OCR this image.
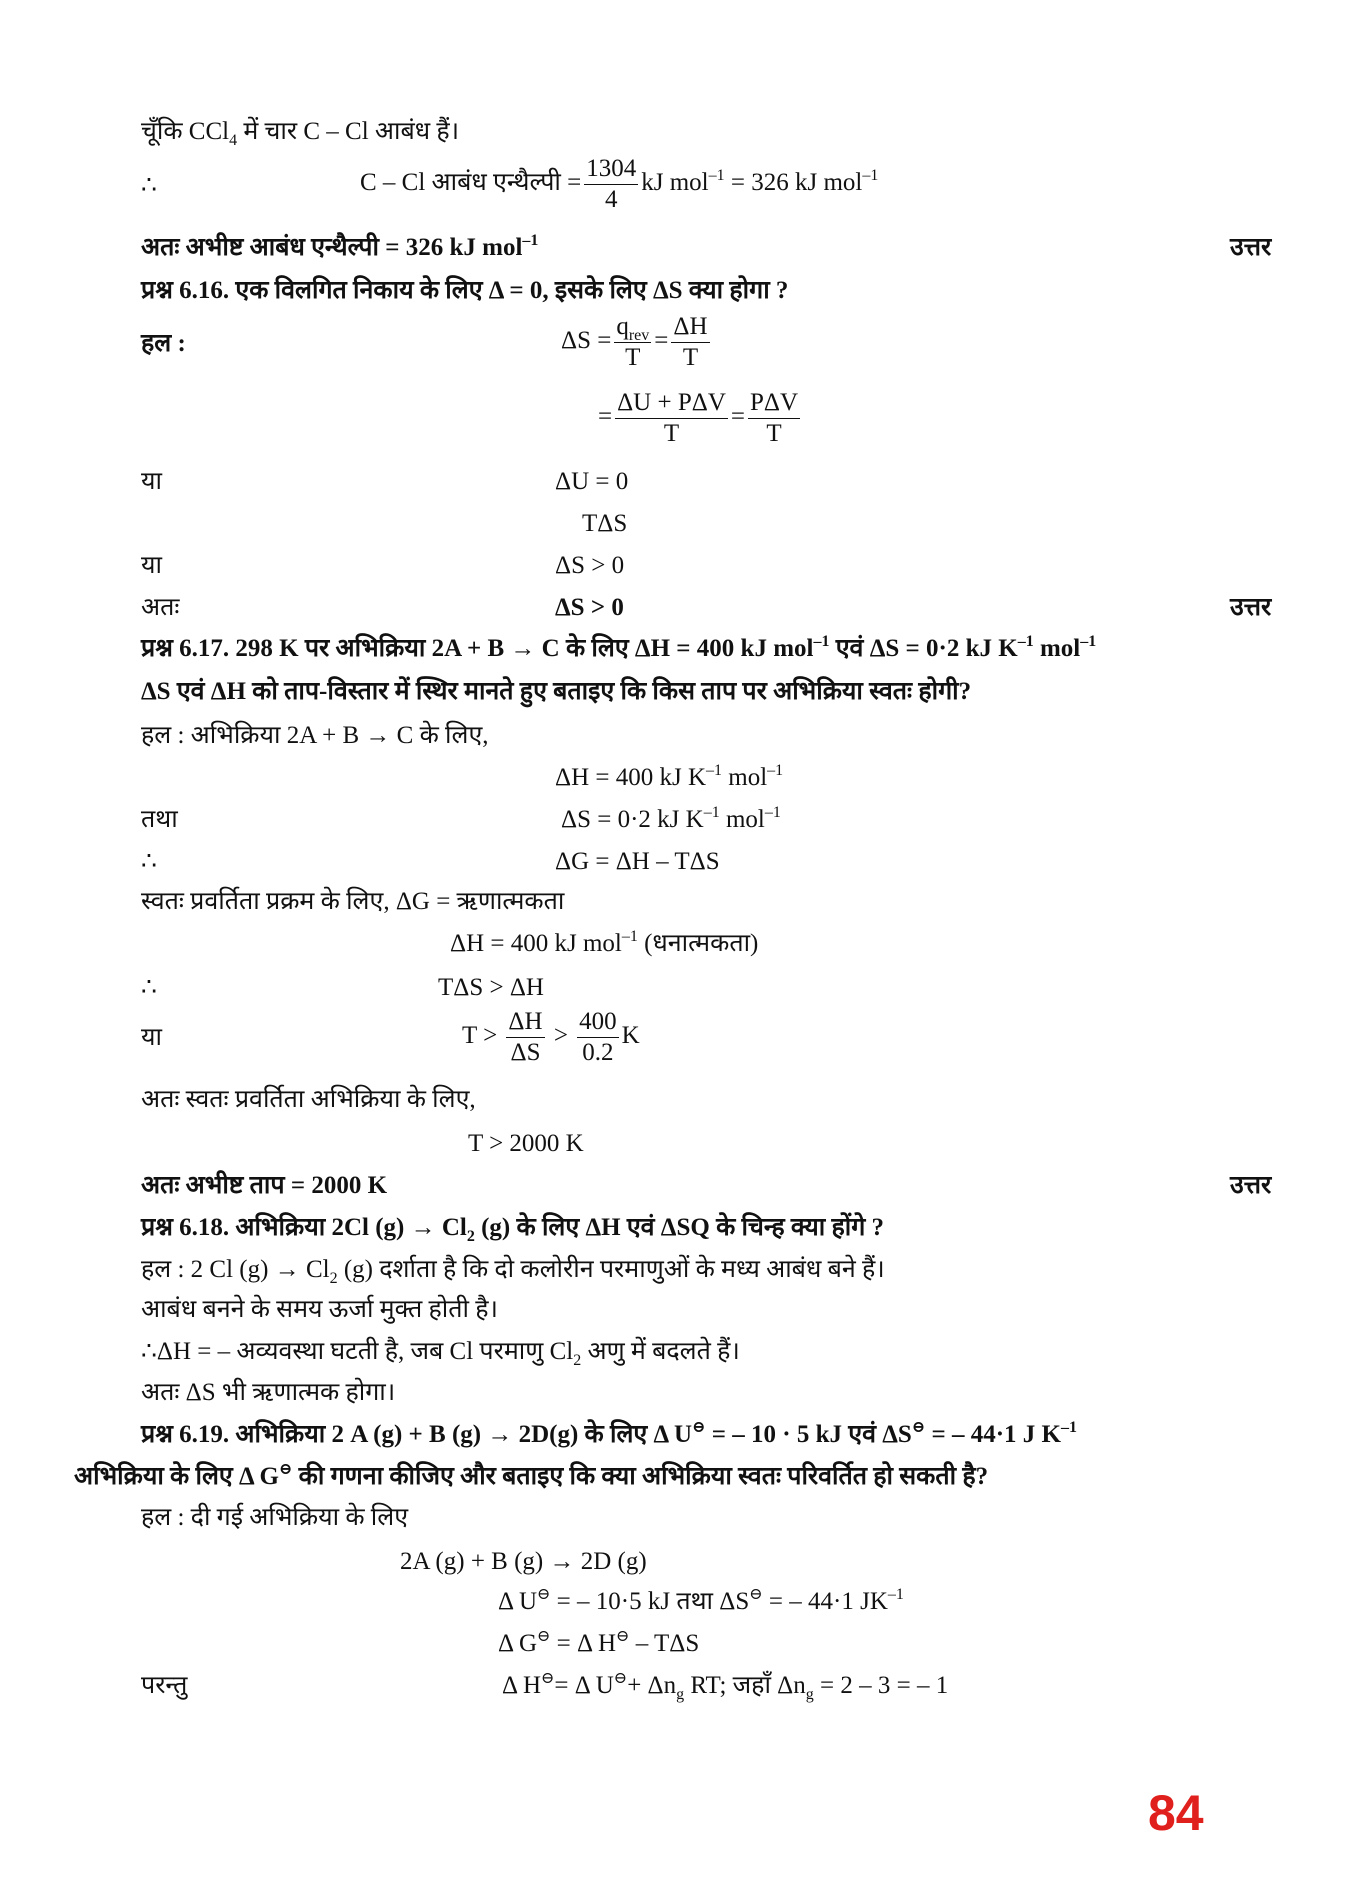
चूँकि CCl$_4$ में चार C – Cl आबंध हैं।
∴	C – Cl आबंध एन्थैल्पी = $\frac{1304}{4}$ kJ mol$^{-1}$ = 326 kJ mol$^{-1}$
अतः अभीष्ट आबंध एन्थैल्पी = 326 kJ mol$^{-1}$	उत्तर
प्रश्न 6.16. एक विलगित निकाय के लिए Δ = 0, इसके लिए ΔS क्या होगा ?
हल :	$\Delta S = \frac{q_{rev}}{T} = \frac{\Delta H}{T}$
= $\frac{\text{ΔU + PΔV}}{T} = \frac{\text{PΔV}}{T}$
या	ΔU = 0
TΔS
या	ΔS > 0
अतः	ΔS > 0	उत्तर
प्रश्न 6.17. 298 K पर अभिक्रिया 2A + B → C के लिए ΔH = 400 kJ mol$^{-1}$ एवं ΔS = 0·2 kJ $K^{-1}$ mol$^{-1}$
ΔS एवं ΔH को ताप-विस्तार में स्थिर मानते हुए बताइए कि किस ताप पर अभिक्रिया स्वतः होगी?
हल : अभिक्रिया 2A + B → C के लिए,
ΔH = 400 kJ $K^{-1}$ mol$^{-1}$
तथा	ΔS = 0·2 kJ $K^{-1}$ mol$^{-1}$
∴	ΔG = ΔH – TΔS
स्वतः प्रवर्तिता प्रक्रम के लिए, ΔG = ऋणात्मकता
ΔH = 400 kJ mol$^{-1}$ (धनात्मकता)
∴	TΔS > ΔH
या	$T > \frac{\Delta H}{\Delta S} > \frac{400}{0.2}$ K
अतः स्वतः प्रवर्तिता अभिक्रिया के लिए,
T > 2000 K
अतः अभीष्ट ताप = 2000 K	उत्तर
प्रश्न 6.18. अभिक्रिया 2Cl $(g) \to Cl_2$ (g) के लिए ΔH एवं ΔSQ के चिन्ह क्या होंगे ?
हल : 2 Cl $(g) \to Cl_2$ (g) दर्शाता है कि दो कलोरीन परमाणुओं के मध्य आबंध बने हैं।
आबंध बनने के समय ऊर्जा मुक्त होती है।
∴ΔH = – अव्यवस्था घटती है, जब Cl परमाणु $Cl_2$ अणु में बदलते हैं।
अतः ΔS भी ऋणात्मक होगा।
प्रश्न 6.19. अभिक्रिया 2 A (g) + B (g) → 2D(g) के लिए Δ U⊖ = – 10 · 5 kJ एवं ΔS⊖ = – 44·1 J $K^{-1}$
अभिक्रिया के लिए Δ G⊖ की गणना कीजिए और बताइए कि क्या अभिक्रिया स्वतः परिवर्तित हो सकती है?
हल : दी गई अभिक्रिया के लिए
2A (g) + B (g) → 2D (g)
Δ U⊖ = – 10·5 kJ तथा ΔS⊖ = – 44·1 $JK^{-1}$
Δ G⊖ = Δ H⊖ – TΔS
परन्तु	Δ H⊖= Δ $U^⊖+ \Delta n_g$ RT; जहाँ $\Delta n_g = 2 - 3$ = – 1
84
